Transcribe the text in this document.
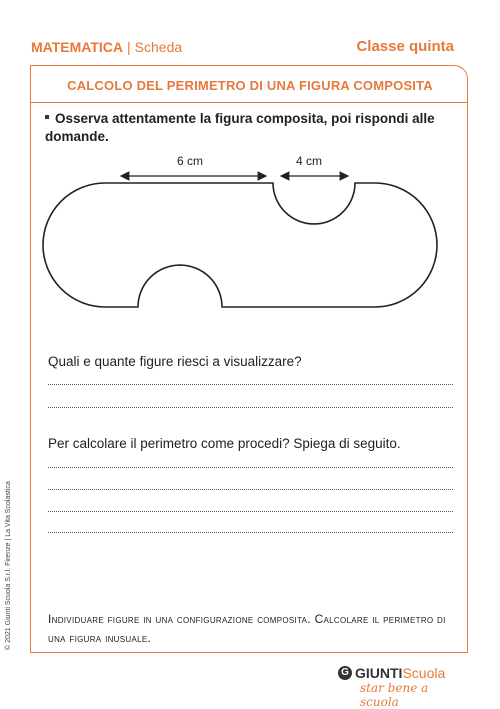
MATEMATICA | Scheda	Classe quinta
CALCOLO DEL PERIMETRO DI UNA FIGURA COMPOSITA
Osserva attentamente la figura composita, poi rispondi alle domande.
Quali e quante figure riesci a visualizzare?
Per calcolare il perimetro come procedi? Spiega di seguito.
Individuare figure in una configurazione composita. Calcolare il perimetro di una figura inusuale.
6 cm	4 cm
© 2021 Giunti Scuola S.r.l. Firenze | La Vita Scolastica
G GIUNTIScuola
star bene a scuola
